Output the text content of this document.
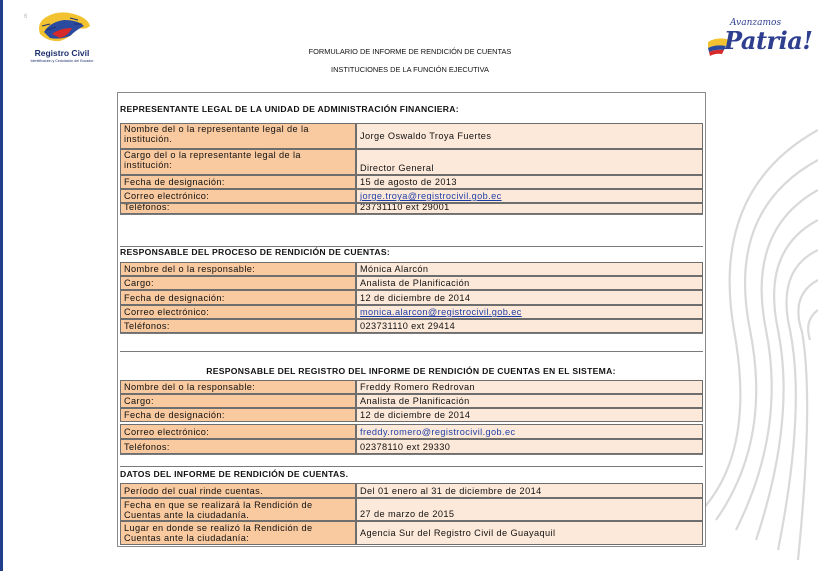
6
Registro Civil
Identificación y Cedulación del Ecuador
Avanzamos
Patria!
FORMULARIO DE INFORME DE RENDICIÓN DE CUENTAS
INSTITUCIONES DE LA FUNCIÓN EJECUTIVA
REPRESENTANTE LEGAL DE LA UNIDAD DE ADMINISTRACIÓN FINANCIERA:
Nombre del o la representante legal de la institución.	Jorge Oswaldo Troya Fuertes
Cargo del o la representante legal de la institución:	Director General
Fecha de designación:	15 de agosto de 2013
Correo electrónico:	jorge.troya@registrocivil.gob.ec
Teléfonos:	23731110 ext 29001
RESPONSABLE DEL PROCESO DE RENDICIÓN DE CUENTAS:
Nombre del o la responsable:	Mónica Alarcón
Cargo:	Analista de Planificación
Fecha de designación:	12 de diciembre de 2014
Correo electrónico:	monica.alarcon@registrocivil.gob.ec
Teléfonos:	023731110 ext 29414
RESPONSABLE DEL REGISTRO DEL INFORME DE RENDICIÓN DE CUENTAS EN EL SISTEMA:
Nombre del o la responsable:	Freddy Romero Redrovan
Cargo:	Analista de Planificación
Fecha de designación:	12 de diciembre de 2014
Correo electrónico:	freddy.romero@registrocivil.gob.ec
Teléfonos:	02378110 ext 29330
DATOS DEL INFORME DE RENDICIÓN DE CUENTAS.
Período del cual rinde cuentas.	Del 01 enero al 31 de diciembre de 2014
Fecha en que se realizará la Rendición de Cuentas ante la ciudadanía.	27 de marzo de 2015
Lugar en donde se realizó la Rendición de Cuentas ante la ciudadanía:	Agencia Sur del Registro Civil de Guayaquil
